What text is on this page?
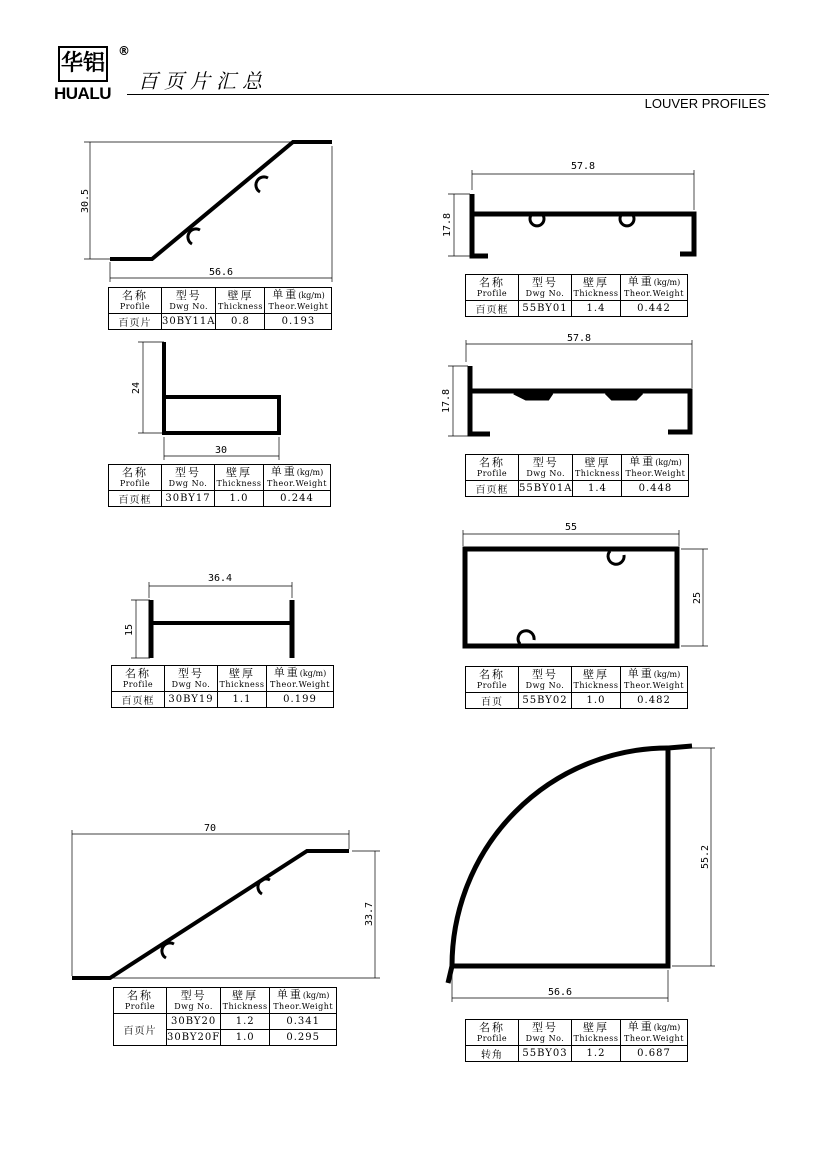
华铝
HUALU
®
百页片汇总
LOUVER PROFILES
30.5
56.6
24
30
15
36.4
70
33.7
57.8
17.8
57.8
17.8
55
25
55.2
56.6
名称
Profile	型号
Dwg No.	壁厚
Thickness	单重(kg/m)
Theor.Weight

百页片	30BY11A	0.8	0.193
名称
Profile	型号
Dwg No.	壁厚
Thickness	单重(kg/m)
Theor.Weight

百页框	30BY17	1.0	0.244
名称
Profile	型号
Dwg No.	壁厚
Thickness	单重(kg/m)
Theor.Weight

百页框	30BY19	1.1	0.199
名称
Profile	型号
Dwg No.	壁厚
Thickness	单重(kg/m)
Theor.Weight

百页片	30BY20	1.2	0.341
	30BY20F	1.0	0.295
名称
Profile	型号
Dwg No.	壁厚
Thickness	单重(kg/m)
Theor.Weight

百页框	55BY01	1.4	0.442
名称
Profile	型号
Dwg No.	壁厚
Thickness	单重(kg/m)
Theor.Weight

百页框	55BY01A	1.4	0.448
名称
Profile	型号
Dwg No.	壁厚
Thickness	单重(kg/m)
Theor.Weight

百页	55BY02	1.0	0.482
名称
Profile	型号
Dwg No.	壁厚
Thickness	单重(kg/m)
Theor.Weight

转角	55BY03	1.2	0.687
